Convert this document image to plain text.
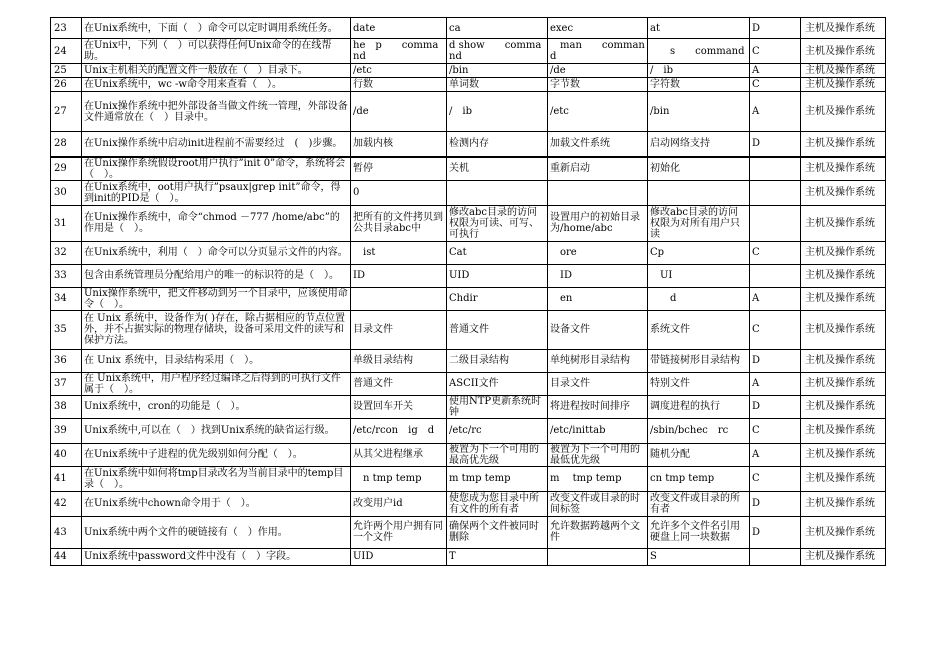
23	在Unix系统中，下面（　）命令可以定时调用系统任务。	date	ca	exec	at	D	主机及操作系统
24	在Unix中，下列（　）可以获得任何Unix命令的在线帮助。	he　p　　command	d show　　command	　man　　command	　　s　　command	C	主机及操作系统
25	Unix主机相关的配置文件一般放在（　）目录下。	/etc	/bin	/de	/　ib	A	主机及操作系统
26	在Unix系统中，wc -w命令用来查看（　）。	行数	单词数	字节数	字符数	C	主机及操作系统
27	在Unix操作系统中把外部设备当做文件统一管理，外部设备文件通常放在（　）目录中。	/de	/　ib	/etc	/bin	A	主机及操作系统
28	在Unix操作系统中启动init进程前不需要经过　(　)步骤。	加载内核	检测内存	加载文件系统	启动网络支持	D	主机及操作系统
29	在Unix操作系统假设root用户执行”init 0”命令，系统将会（　）。	暂停	关机	重新启动	初始化		主机及操作系统
30	在Unix系统中，oot用户执行”psaux|grep init”命令，得到init的PID是（　）。	0					主机及操作系统
31	在Unix操作系统中，命令“chmod －777 /home/abc”的作用是（　）。	把所有的文件拷贝到公共目录abc中	修改abc目录的访问权限为可读、可写、可执行	设置用户的初始目录为/home/abc	修改abc目录的访问权限为对所有用户只读		主机及操作系统
32	在Unix系统中，利用（　）命令可以分页显示文件的内容。	　ist	Cat	　ore	Cp	C	主机及操作系统
33	包含由系统管理员分配给用户的唯一的标识符的是（　）。	ID	UID	　ID	　UI		主机及操作系统
34	Unix操作系统中，把文件移动到另一个目录中，应该使用命令（　）。		Chdir	　en	　　d	A	主机及操作系统
35	在 Unix 系统中，设备作为( )存在，除占据相应的节点位置外，并不占据实际的物理存储块，设备可采用文件的读写和保护方法。	目录文件	普通文件	设备文件	系统文件	C	主机及操作系统
36	在 Unix 系统中，目录结构采用（　）。	单级目录结构	二级目录结构	单纯树形目录结构	带链接树形目录结构	D	主机及操作系统
37	在 Unix系统中，用户程序经过编译之后得到的可执行文件属于（　）。	普通文件	ASCII文件	目录文件	特别文件	A	主机及操作系统
38	Unix系统中，cron的功能是（　）。	设置回车开关	使用NTP更新系统时钟	将进程按时间排序	调度进程的执行	D	主机及操作系统
39	Unix系统中,可以在（　）找到Unix系统的缺省运行级。	/etc/rcon　ig　d	/etc/rc	/etc/inittab	/sbin/bchec　rc	C	主机及操作系统
40	在Unix系统中子进程的优先级别如何分配（　）。	从其父进程继承	被置为下一个可用的最高优先级	被置为下一个可用的最低优先级	随机分配	A	主机及操作系统
41	在Unix系统中如何将tmp目录改名为当前目录中的temp目录（　）。	　n tmp temp	m tmp temp	m　 tmp temp	cn tmp temp	C	主机及操作系统
42	在Unix系统中chown命令用于（　）。	改变用户id	使您成为您目录中所有文件的所有者	改变文件或目录的时间标签	改变文件或目录的所有者	D	主机及操作系统
43	Unix系统中两个文件的硬链接有（　）作用。	允许两个用户拥有同一个文件	确保两个文件被同时删除	允许数据跨越两个文件	允许多个文件名引用硬盘上同一块数据	D	主机及操作系统
44	Unix系统中password文件中没有（　）字段。	UID	T		S		主机及操作系统
